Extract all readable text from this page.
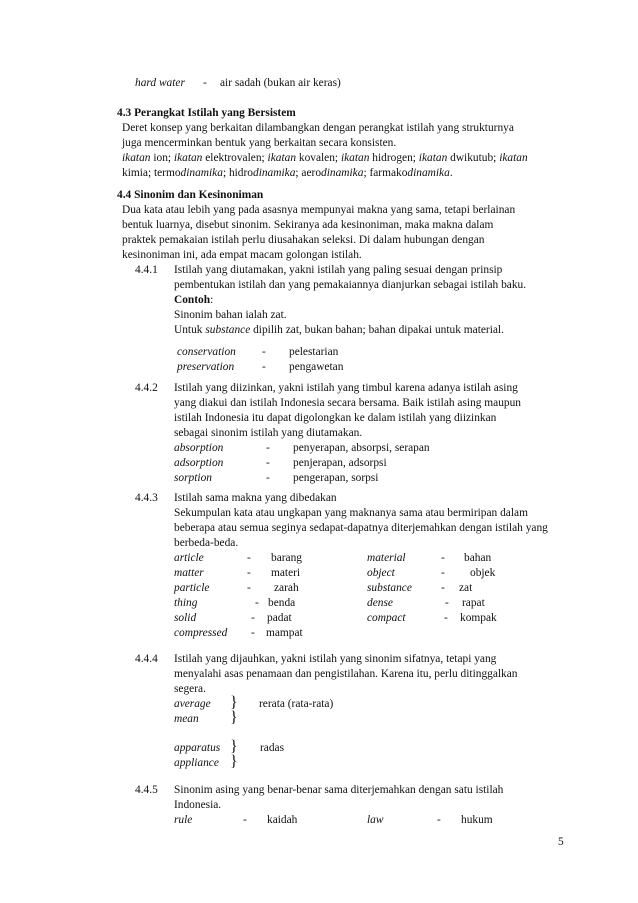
hard water - air sadah (bukan air keras)
4.3 Perangkat Istilah yang Bersistem
Deret konsep yang berkaitan dilambangkan dengan perangkat istilah yang strukturnya
juga mencerminkan bentuk yang berkaitan secara konsisten.
ikatan ion; ikatan elektrovalen; ikatan kovalen; ikatan hidrogen; ikatan dwikutub; ikatan
kimia; termodinamika; hidrodinamika; aerodinamika; farmakodinamika.
4.4 Sinonim dan Kesinoniman
Dua kata atau lebih yang pada asasnya mempunyai makna yang sama, tetapi berlainan
bentuk luarnya, disebut sinonim. Sekiranya ada kesinoniman, maka makna dalam
praktek pemakaian istilah perlu diusahakan seleksi. Di dalam hubungan dengan
kesinoniman ini, ada empat macam golongan istilah.
4.4.1 Istilah yang diutamakan, yakni istilah yang paling sesuai dengan prinsip
pembentukan istilah dan yang pemakaiannya dianjurkan sebagai istilah baku.
Contoh:
Sinonim bahan ialah zat.
Untuk substance dipilih zat, bukan bahan; bahan dipakai untuk material.
conservation - pelestarian
preservation - pengawetan
4.4.2 Istilah yang diizinkan, yakni istilah yang timbul karena adanya istilah asing
yang diakui dan istilah Indonesia secara bersama. Baik istilah asing maupun
istilah Indonesia itu dapat digolongkan ke dalam istilah yang diizinkan
sebagai sinonim istilah yang diutamakan.
absorption	- penyerapan, absorpsi, serapan
adsorption	- penjerapan, adsorpsi
sorption	- pengerapan, sorpsi
4.4.3 Istilah sama makna yang dibedakan
Sekumpulan kata atau ungkapan yang maknanya sama atau bermiripan dalam
beberapa atau semua seginya sedapat-dapatnya diterjemahkan dengan istilah yang
berbeda-beda.
article	- barang	material	- bahan
matter	- materi	object	- objek
particle	- zarah	substance	- zat
thing	- benda	dense	- rapat
solid	- padat	compact	- kompak
compressed - mampat
4.4.4 Istilah yang dijauhkan, yakni istilah yang sinonim sifatnya, tetapi yang
menyalahi asas penamaan dan pengistilahan. Karena itu, perlu ditinggalkan
segera.
average } rerata (rata-rata)
mean }
apparatus } radas
appliance }
4.4.5 Sinonim asing yang benar-benar sama diterjemahkan dengan satu istilah
Indonesia.
rule	- kaidah	law	- hukum
5
